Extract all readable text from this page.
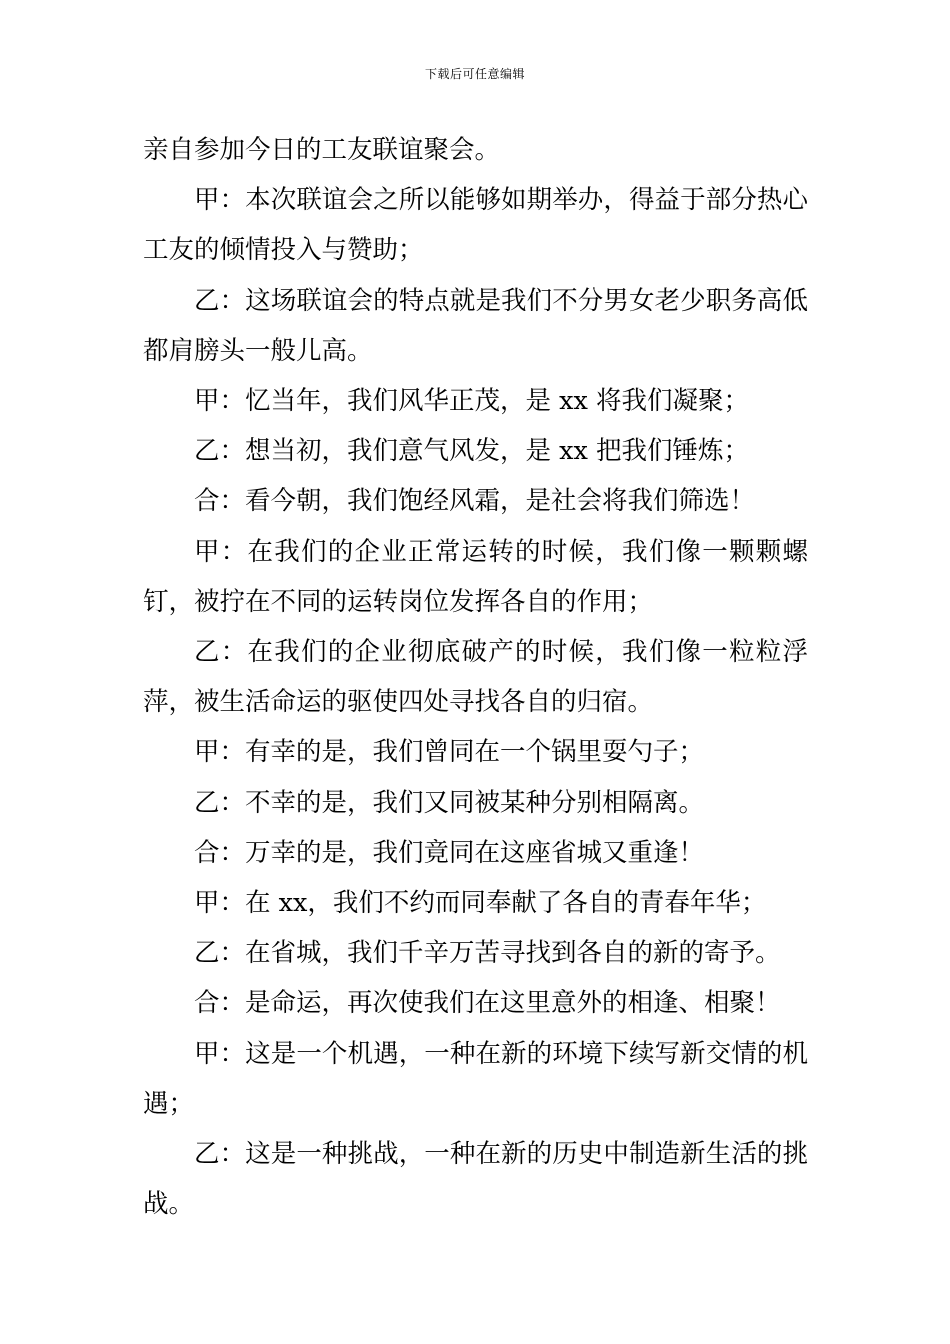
下载后可任意编辑

亲自参加今日的工友联谊聚会。

甲：本次联谊会之所以能够如期举办，得益于部分热心工友的倾情投入与赞助；

乙：这场联谊会的特点就是我们不分男女老少职务高低都肩膀头一般儿高。

甲：忆当年，我们风华正茂，是 xx 将我们凝聚；

乙：想当初，我们意气风发，是 xx 把我们锤炼；

合：看今朝，我们饱经风霜，是社会将我们筛选！

甲：在我们的企业正常运转的时候，我们像一颗颗螺钉，被拧在不同的运转岗位发挥各自的作用；

乙：在我们的企业彻底破产的时候，我们像一粒粒浮萍，被生活命运的驱使四处寻找各自的归宿。

甲：有幸的是，我们曾同在一个锅里耍勺子；

乙：不幸的是，我们又同被某种分别相隔离。

合：万幸的是，我们竟同在这座省城又重逢！

甲：在 xx，我们不约而同奉献了各自的青春年华；

乙：在省城，我们千辛万苦寻找到各自的新的寄予。

合：是命运，再次使我们在这里意外的相逢、相聚！

甲：这是一个机遇，一种在新的环境下续写新交情的机遇；

乙：这是一种挑战，一种在新的历史中制造新生活的挑战。
